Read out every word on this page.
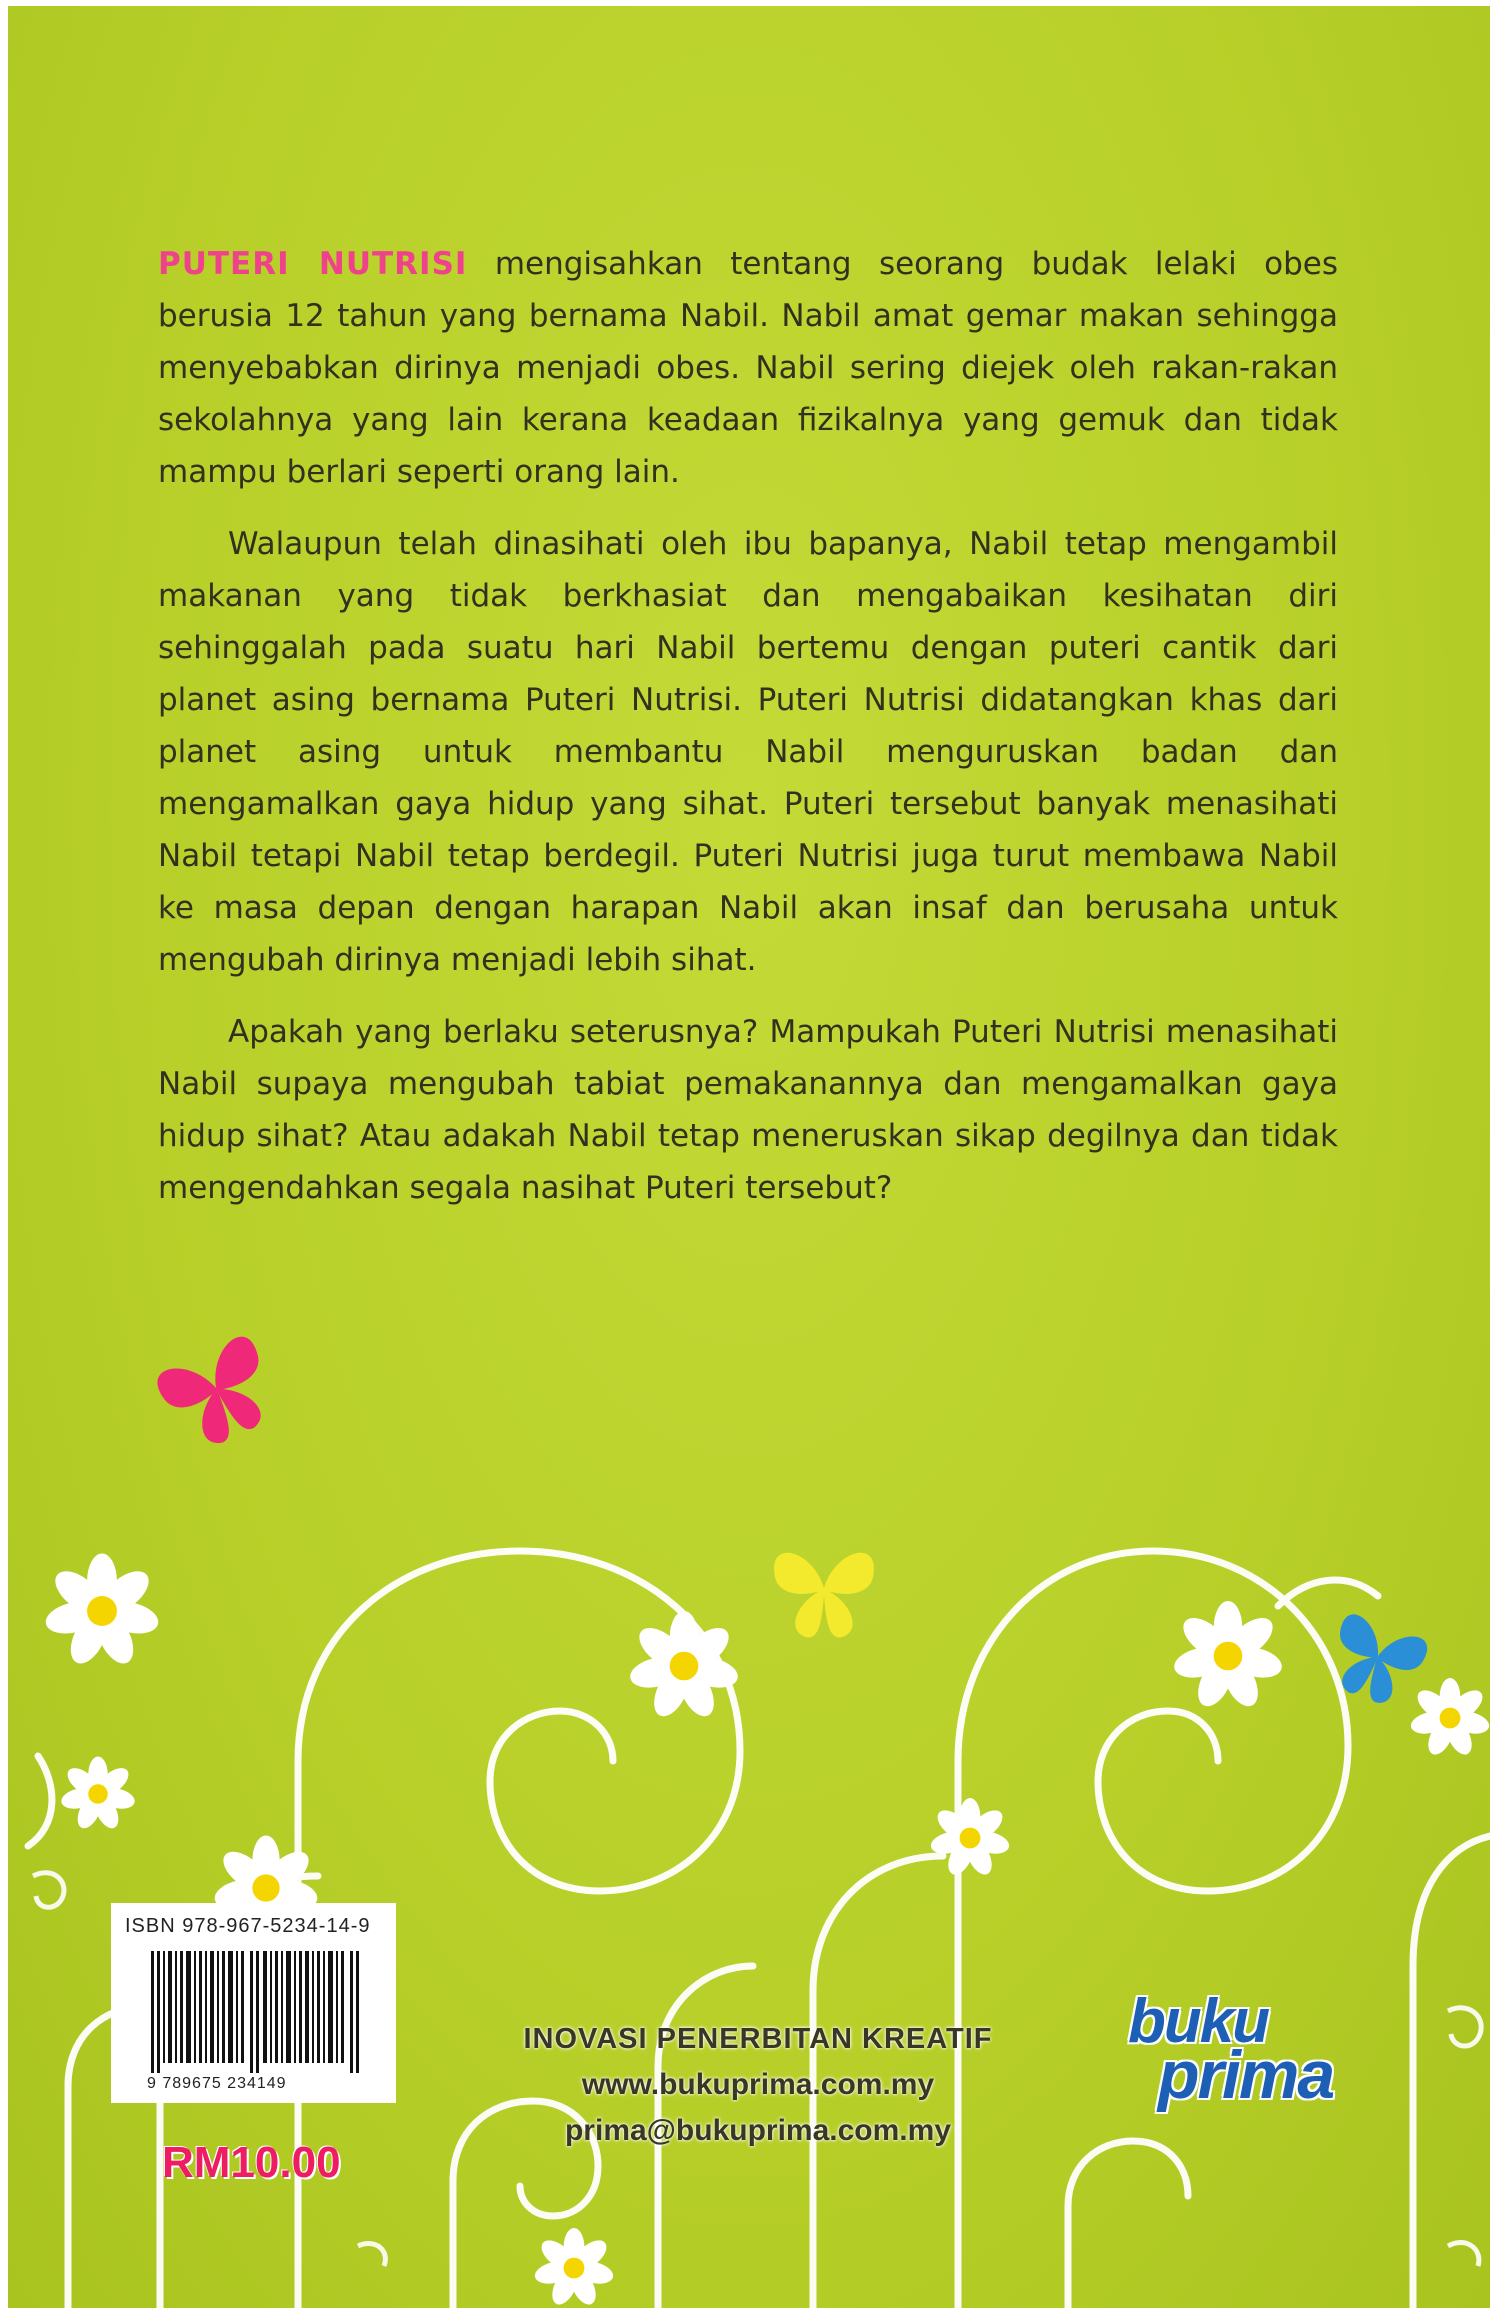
PUTERI NUTRISI mengisahkan tentang seorang budak lelaki obes berusia 12 tahun yang bernama Nabil. Nabil amat gemar makan sehingga menyebabkan dirinya menjadi obes. Nabil sering diejek oleh rakan-rakan sekolahnya yang lain kerana keadaan fizikalnya yang gemuk dan tidak mampu berlari seperti orang lain.

Walaupun telah dinasihati oleh ibu bapanya, Nabil tetap mengambil makanan yang tidak berkhasiat dan mengabaikan kesihatan diri sehinggalah pada suatu hari Nabil bertemu dengan puteri cantik dari planet asing bernama Puteri Nutrisi. Puteri Nutrisi didatangkan khas dari planet asing untuk membantu Nabil menguruskan badan dan mengamalkan gaya hidup yang sihat. Puteri tersebut banyak menasihati Nabil tetapi Nabil tetap berdegil. Puteri Nutrisi juga turut membawa Nabil ke masa depan dengan harapan Nabil akan insaf dan berusaha untuk mengubah dirinya menjadi lebih sihat.

Apakah yang berlaku seterusnya? Mampukah Puteri Nutrisi menasihati Nabil supaya mengubah tabiat pemakanannya dan mengamalkan gaya hidup sihat? Atau adakah Nabil tetap meneruskan sikap degilnya dan tidak mengendahkan segala nasihat Puteri tersebut?

ISBN 978-967-5234-14-9
9 789675 234149
RM10.00
INOVASI PENERBITAN KREATIF
www.bukuprima.com.my
prima@bukuprima.com.my
buku
prima
